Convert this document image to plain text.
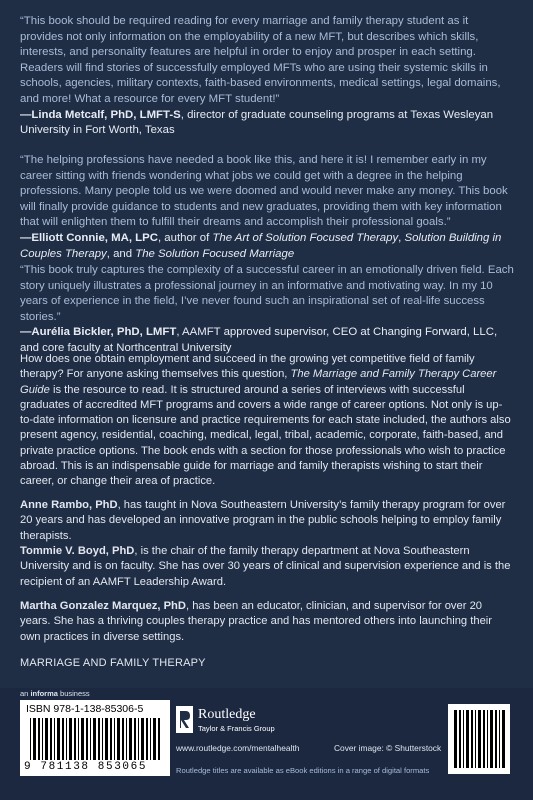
“This book should be required reading for every marriage and family therapy student as it provides not only information on the employability of a new MFT, but describes which skills, interests, and personality features are helpful in order to enjoy and prosper in each setting. Readers will find stories of successfully employed MFTs who are using their systemic skills in schools, agencies, military contexts, faith-based environments, medical settings, legal domains, and more! What a resource for every MFT student!”

—Linda Metcalf, PhD, LMFT-S, director of graduate counseling programs at Texas Wesleyan University in Fort Worth, Texas

“The helping professions have needed a book like this, and here it is! I remember early in my career sitting with friends wondering what jobs we could get with a degree in the helping professions. Many people told us we were doomed and would never make any money. This book will finally provide guidance to students and new graduates, providing them with key information that will enlighten them to fulfill their dreams and accomplish their professional goals.”

—Elliott Connie, MA, LPC, author of The Art of Solution Focused Therapy, Solution Building in Couples Therapy, and The Solution Focused Marriage

“This book truly captures the complexity of a successful career in an emotionally driven field. Each story uniquely illustrates a professional journey in an informative and motivating way. In my 10 years of experience in the field, I’ve never found such an inspirational set of real-life success stories.”

—Aurélia Bickler, PhD, LMFT, AAMFT approved supervisor, CEO at Changing Forward, LLC, and core faculty at Northcentral University

How does one obtain employment and succeed in the growing yet competitive field of family therapy? For anyone asking themselves this question, The Marriage and Family Therapy Career Guide is the resource to read. It is structured around a series of interviews with successful graduates of accredited MFT programs and covers a wide range of career options. Not only is up-to-date information on licensure and practice requirements for each state included, the authors also present agency, residential, coaching, medical, legal, tribal, academic, corporate, faith-based, and private practice options. The book ends with a section for those professionals who wish to practice abroad. This is an indispensable guide for marriage and family therapists wishing to start their career, or change their area of practice.

Anne Rambo, PhD, has taught in Nova Southeastern University’s family therapy program for over 20 years and has developed an innovative program in the public schools helping to employ family therapists.

Tommie V. Boyd, PhD, is the chair of the family therapy department at Nova Southeastern University and is on faculty. She has over 30 years of clinical and supervision experience and is the recipient of an AAMFT Leadership Award.

Martha Gonzalez Marquez, PhD, has been an educator, clinician, and supervisor for over 20 years. She has a thriving couples therapy practice and has mentored others into launching their own practices in diverse settings.

MARRIAGE AND FAMILY THERAPY
an informa business
ISBN 978-1-138-85306-5
9 781138 853065
Routledge
Taylor & Francis Group
www.routledge.com/mentalhealth	Cover image: © Shutterstock
Routledge titles are available as eBook editions in a range of digital formats
